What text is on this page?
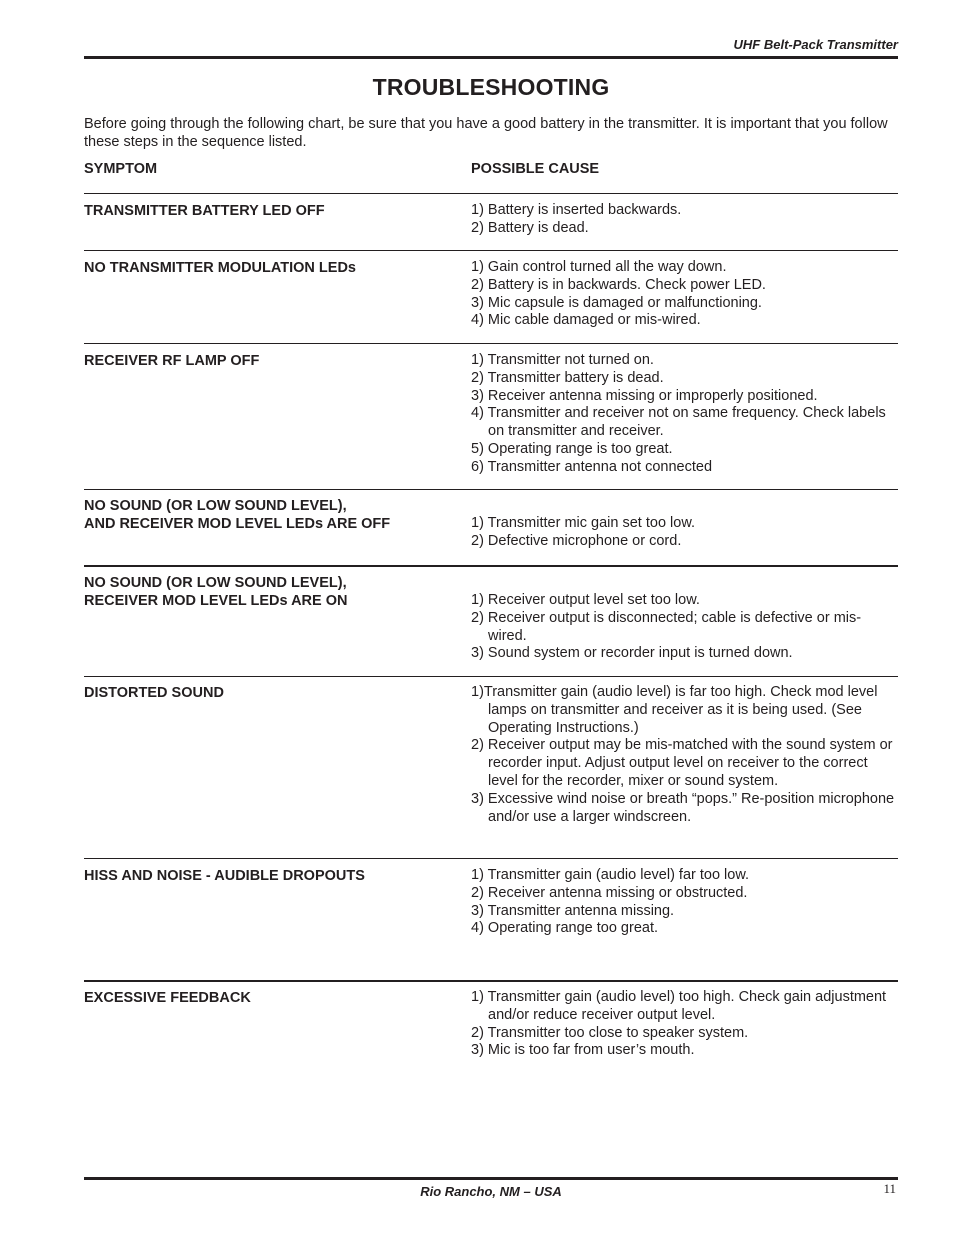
UHF Belt-Pack Transmitter
TROUBLESHOOTING
Before going through the following chart, be sure that you have a good battery in the transmitter. It is important that you follow these steps in the sequence listed.
SYMPTOM	POSSIBLE CAUSE
TRANSMITTER BATTERY LED OFF	1) Battery is inserted backwards.
2) Battery is dead.
NO TRANSMITTER MODULATION LEDs	1) Gain control turned all the way down.
2) Battery is in backwards. Check power LED.
3) Mic capsule is damaged or malfunctioning.
4) Mic cable damaged or mis-wired.
RECEIVER RF LAMP OFF	1) Transmitter not turned on.
2) Transmitter battery is dead.
3) Receiver antenna missing or improperly positioned.
4) Transmitter and receiver not on same frequency. Check labels on transmitter and receiver.
5) Operating range is too great.
6) Transmitter antenna not connected
NO SOUND (OR LOW SOUND LEVEL),
AND RECEIVER MOD LEVEL LEDs ARE OFF	1) Transmitter mic gain set too low.
2) Defective microphone or cord.
NO SOUND (OR LOW SOUND LEVEL),
RECEIVER MOD LEVEL LEDs ARE ON	1) Receiver output level set too low.
2) Receiver output is disconnected; cable is defective or mis-wired.
3) Sound system or recorder input is turned down.
DISTORTED SOUND	1)Transmitter gain (audio level) is far too high. Check mod level lamps on transmitter and receiver as it is being used. (See Operating Instructions.)
2) Receiver output may be mis-matched with the sound system or recorder input. Adjust output level on receiver to the correct level for the recorder, mixer or sound system.
3) Excessive wind noise or breath “pops.” Re-position microphone and/or use a larger windscreen.
HISS AND NOISE - AUDIBLE DROPOUTS	1) Transmitter gain (audio level) far too low.
2) Receiver antenna missing or obstructed.
3) Transmitter antenna missing.
4) Operating range too great.
EXCESSIVE FEEDBACK	1) Transmitter gain (audio level) too high. Check gain adjustment and/or reduce receiver output level.
2) Transmitter too close to speaker system.
3) Mic is too far from user’s mouth.
Rio Rancho, NM – USA	11
